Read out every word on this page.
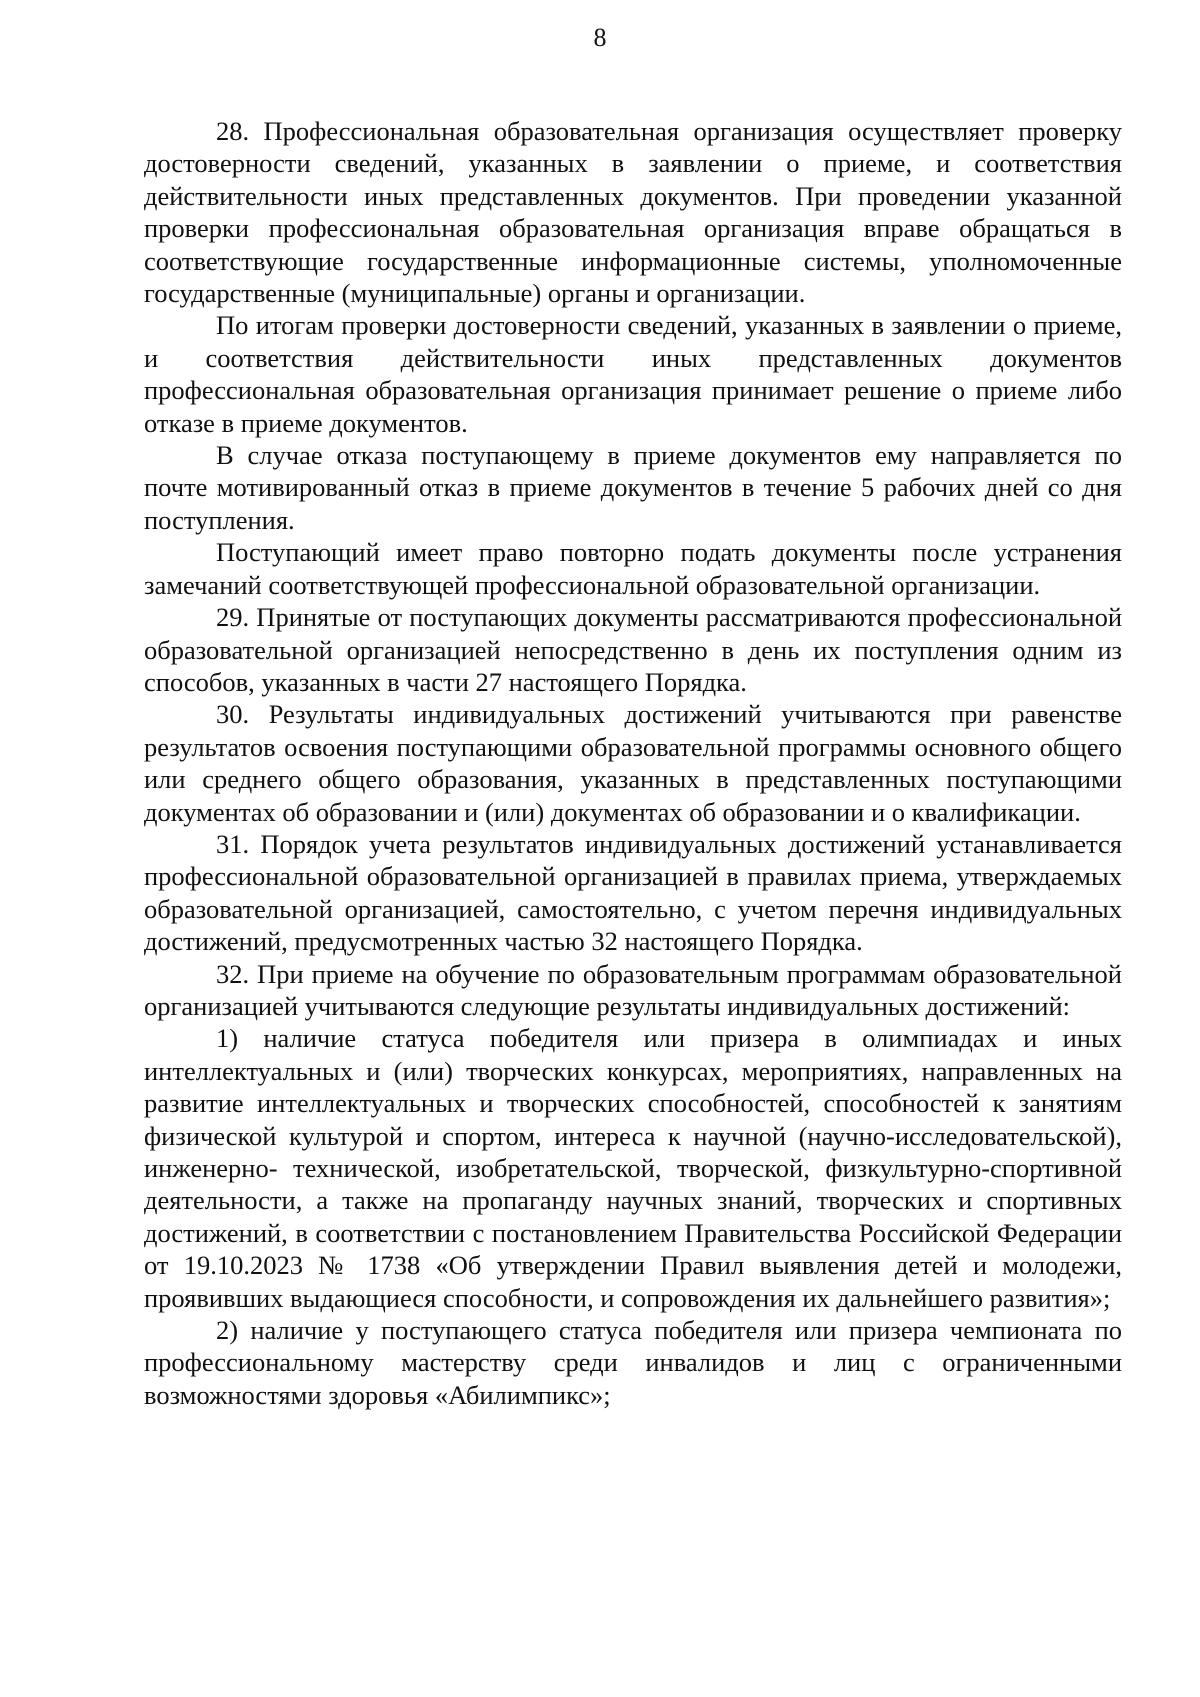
8

28. Профессиональная образовательная организация осуществляет проверку достоверности сведений, указанных в заявлении о приеме, и соответствия действительности иных представленных документов. При проведении указанной проверки профессиональная образовательная организация вправе обращаться в соответствующие государственные информационные системы, уполномоченные государственные (муниципальные) органы и организации.

По итогам проверки достоверности сведений, указанных в заявлении о приеме, и соответствия действительности иных представленных документов профессиональная образовательная организация принимает решение о приеме либо отказе в приеме документов.

В случае отказа поступающему в приеме документов ему направляется по почте мотивированный отказ в приеме документов в течение 5 рабочих дней со дня поступления.

Поступающий имеет право повторно подать документы после устранения замечаний соответствующей профессиональной образовательной организации.

29. Принятые от поступающих документы рассматриваются профессиональной образовательной организацией непосредственно в день их поступления одним из способов, указанных в части 27 настоящего Порядка.

30. Результаты индивидуальных достижений учитываются при равенстве результатов освоения поступающими образовательной программы основного общего или среднего общего образования, указанных в представленных поступающими документах об образовании и (или) документах об образовании и о квалификации.

31. Порядок учета результатов индивидуальных достижений устанавливается профессиональной образовательной организацией в правилах приема, утверждаемых образовательной организацией, самостоятельно, с учетом перечня индивидуальных достижений, предусмотренных частью 32 настоящего Порядка.

32. При приеме на обучение по образовательным программам образовательной организацией учитываются следующие результаты индивидуальных достижений:

1) наличие статуса победителя или призера в олимпиадах и иных интеллектуальных и (или) творческих конкурсах, мероприятиях, направленных на развитие интеллектуальных и творческих способностей, способностей к занятиям физической культурой и спортом, интереса к научной (научно-исследовательской), инженерно- технической, изобретательской, творческой, физкультурно-спортивной деятельности, а также на пропаганду научных знаний, творческих и спортивных достижений, в соответствии с постановлением Правительства Российской Федерации от 19.10.2023 № 1738 «Об утверждении Правил выявления детей и молодежи, проявивших выдающиеся способности, и сопровождения их дальнейшего развития»;

2) наличие у поступающего статуса победителя или призера чемпионата по профессиональному мастерству среди инвалидов и лиц с ограниченными возможностями здоровья «Абилимпикс»;
